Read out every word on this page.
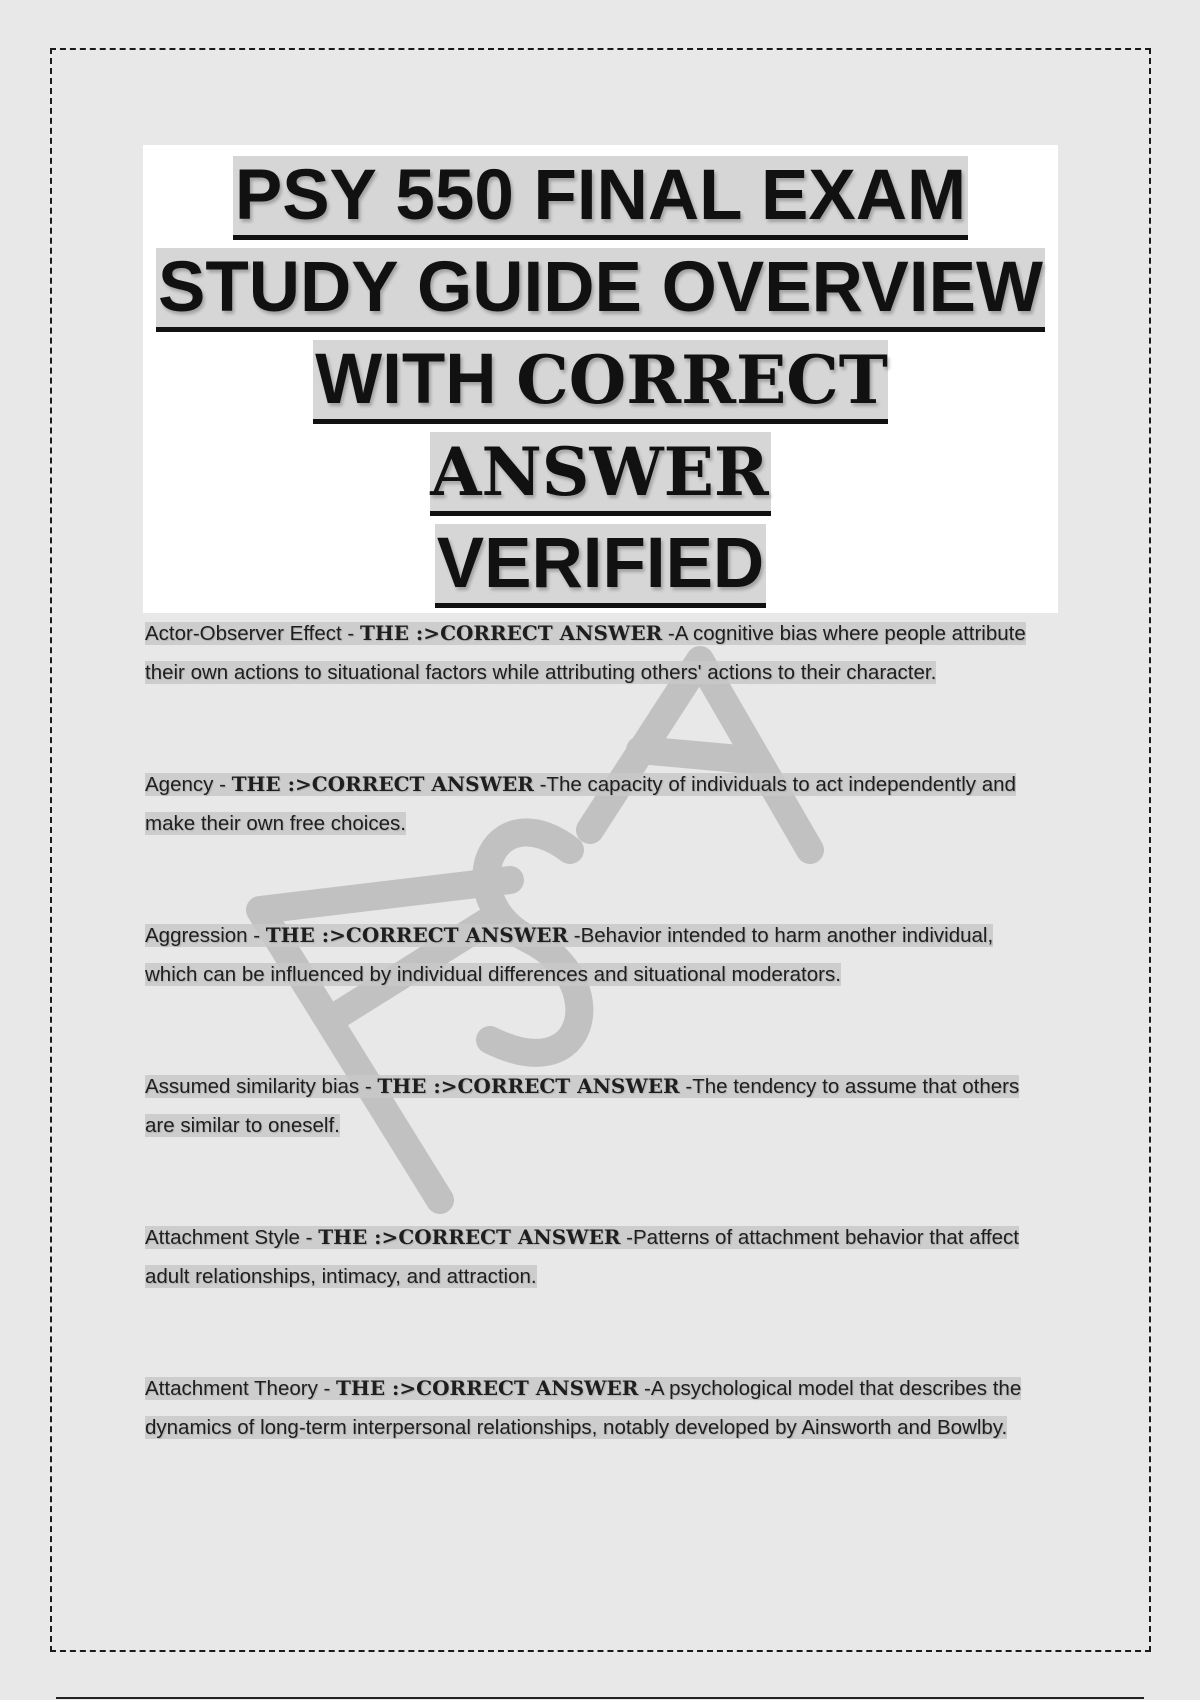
PSY 550 FINAL EXAM
STUDY GUIDE OVERVIEW
WITH CORRECT ANSWER
VERIFIED
Actor-Observer Effect - THE :>CORRECT ANSWER -A cognitive bias where people attribute their own actions to situational factors while attributing others' actions to their character.
Agency - THE :>CORRECT ANSWER -The capacity of individuals to act independently and make their own free choices.
Aggression - THE :>CORRECT ANSWER -Behavior intended to harm another individual, which can be influenced by individual differences and situational moderators.
Assumed similarity bias - THE :>CORRECT ANSWER -The tendency to assume that others are similar to oneself.
Attachment Style - THE :>CORRECT ANSWER -Patterns of attachment behavior that affect adult relationships, intimacy, and attraction.
Attachment Theory - THE :>CORRECT ANSWER -A psychological model that describes the dynamics of long-term interpersonal relationships, notably developed by Ainsworth and Bowlby.
